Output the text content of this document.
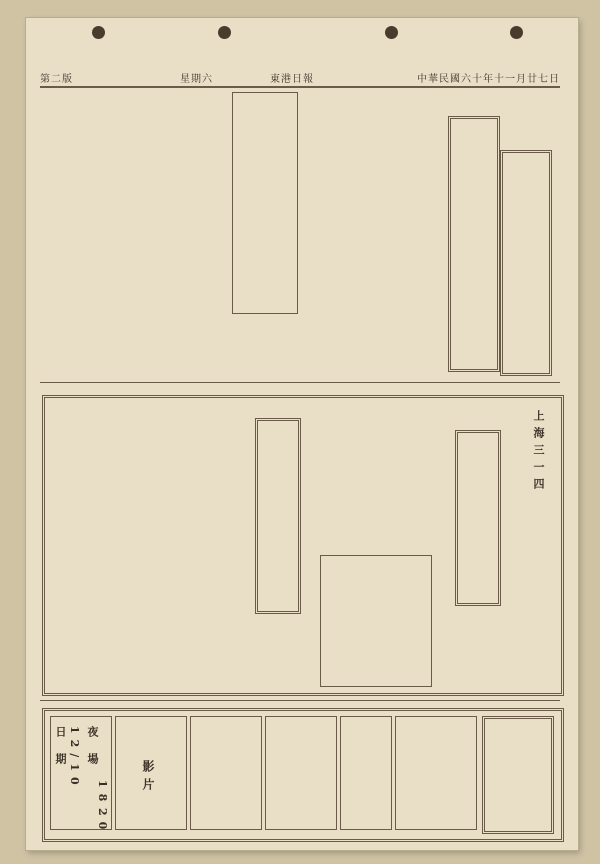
中華民國六十年十一月廿七日
星期六	東港日報
第二版
上海三一四
日 期 12/10 夜 場
18
20
影片
